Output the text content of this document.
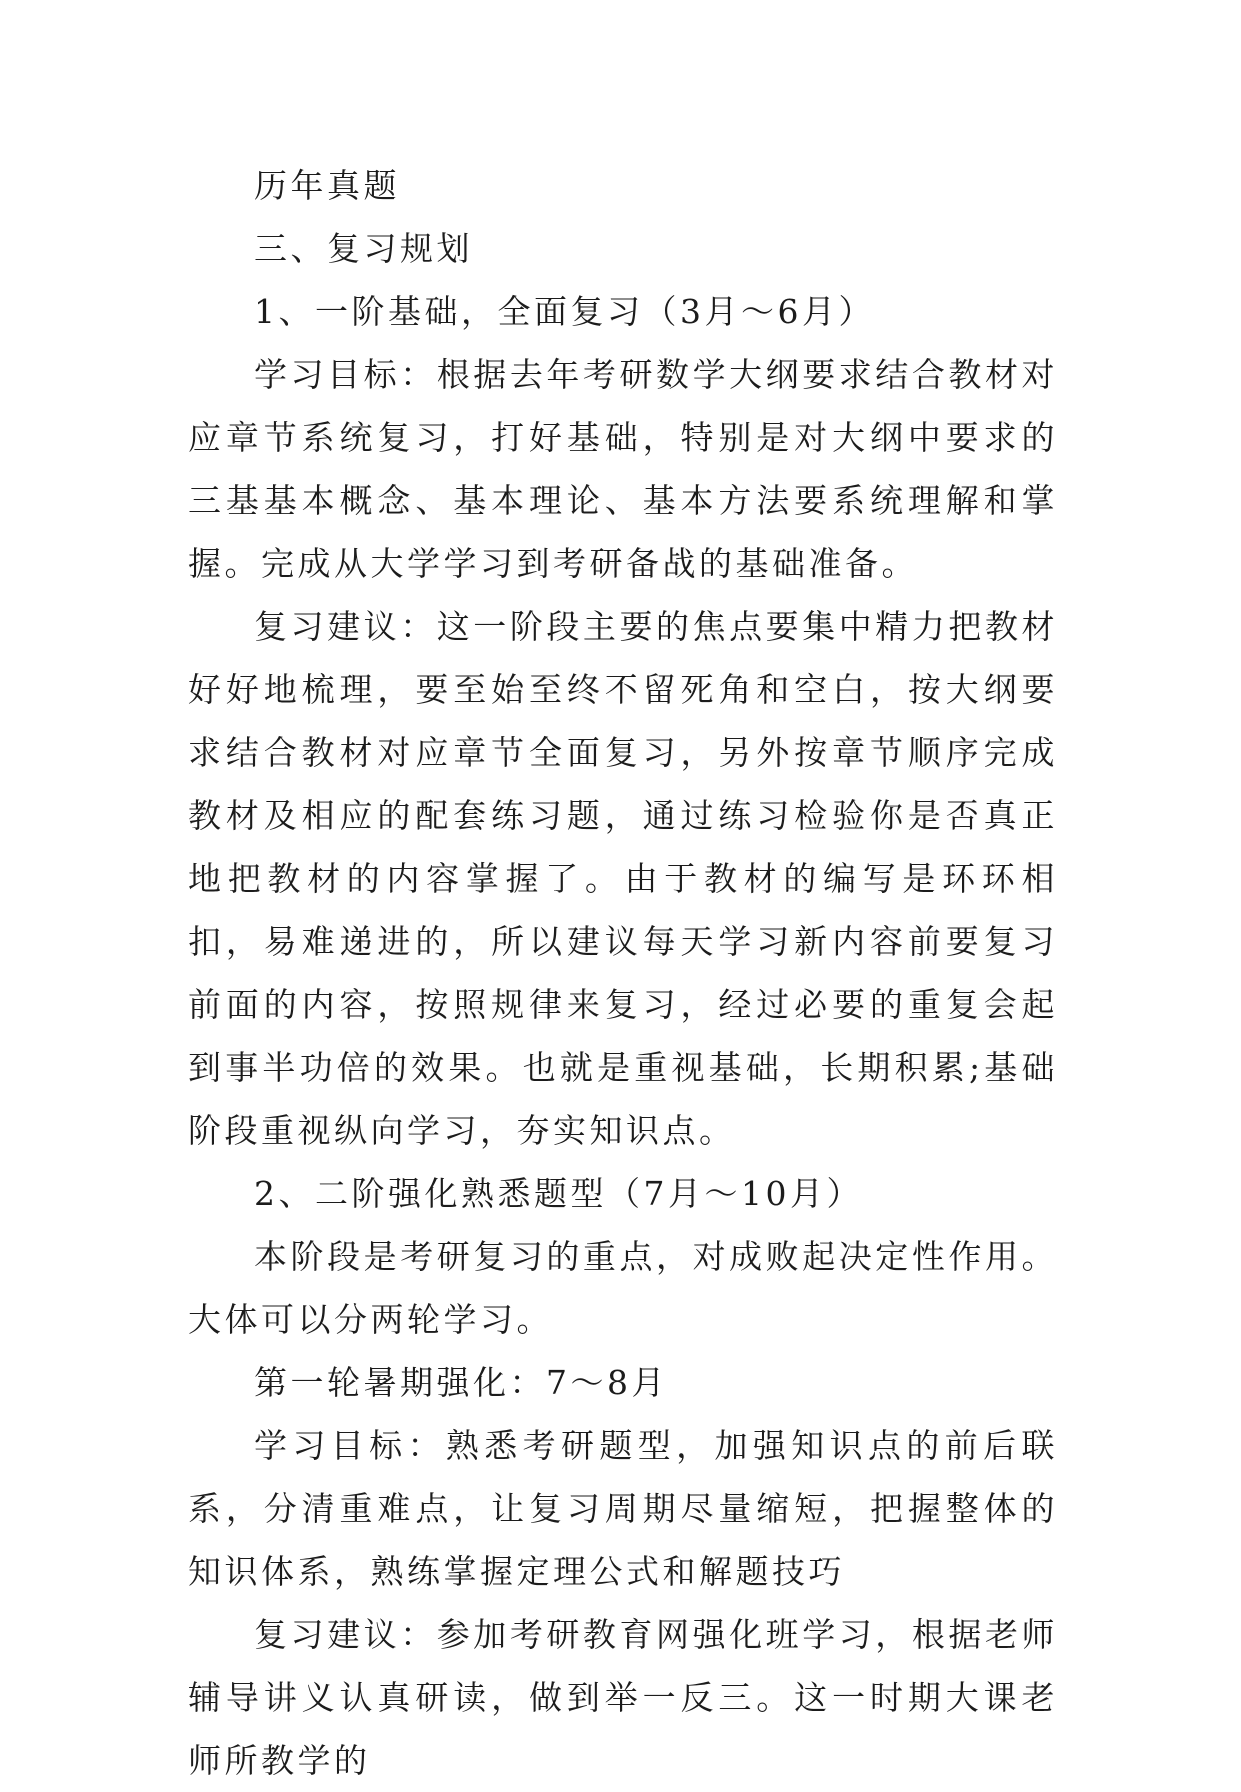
历年真题

三、复习规划

1、一阶基础，全面复习（3月～6月）

学习目标：根据去年考研数学大纲要求结合教材对应章节系统复习，打好基础，特别是对大纲中要求的三基基本概念、基本理论、基本方法要系统理解和掌握。完成从大学学习到考研备战的基础准备。

复习建议：这一阶段主要的焦点要集中精力把教材好好地梳理，要至始至终不留死角和空白，按大纲要求结合教材对应章节全面复习，另外按章节顺序完成教材及相应的配套练习题，通过练习检验你是否真正地把教材的内容掌握了。由于教材的编写是环环相扣，易难递进的，所以建议每天学习新内容前要复习前面的内容，按照规律来复习，经过必要的重复会起到事半功倍的效果。也就是重视基础，长期积累;基础阶段重视纵向学习，夯实知识点。

2、二阶强化熟悉题型（7月～10月）

本阶段是考研复习的重点，对成败起决定性作用。大体可以分两轮学习。

第一轮暑期强化：7～8月

学习目标：熟悉考研题型，加强知识点的前后联系，分清重难点，让复习周期尽量缩短，把握整体的知识体系，熟练掌握定理公式和解题技巧

复习建议：参加考研教育网强化班学习，根据老师辅导讲义认真研读，做到举一反三。这一时期大课老师所教学的
